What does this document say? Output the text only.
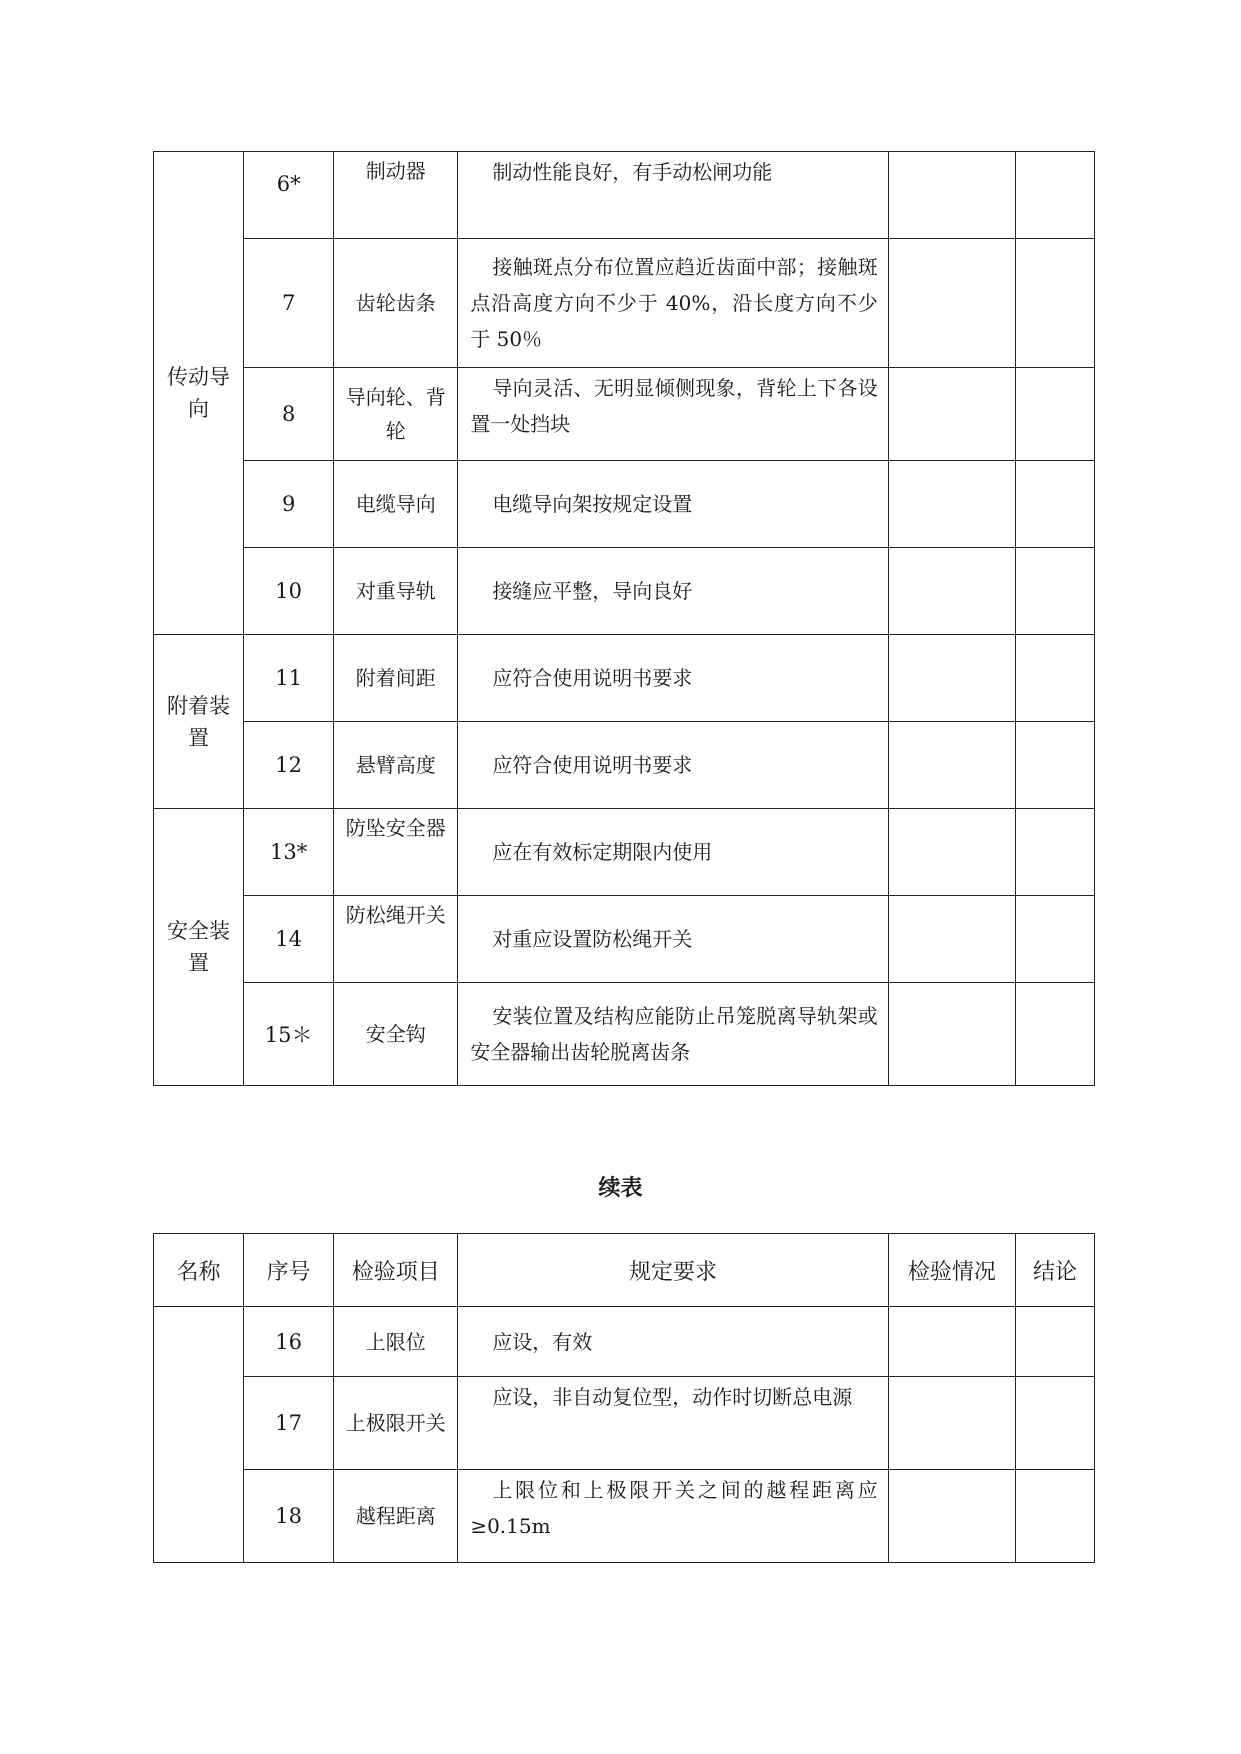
传动导向	6*	制动器	制动性能良好，有手动松闸功能		

	7	齿轮齿条	接触斑点分布位置应趋近齿面中部；接触斑点沿高度方向不少于 40%，沿长度方向不少于 50％		

	8	导向轮、背轮	导向灵活、无明显倾侧现象，背轮上下各设置一处挡块		

	9	电缆导向	电缆导向架按规定设置		

	10	对重导轨	接缝应平整，导向良好		

附着装置	11	附着间距	应符合使用说明书要求		

	12	悬臂高度	应符合使用说明书要求		

安全装置	13*	防坠安全器	应在有效标定期限内使用		

	14	防松绳开关	对重应设置防松绳开关		

	15＊	安全钩	安装位置及结构应能防止吊笼脱离导轨架或安全器输出齿轮脱离齿条		

续表
名称	序号	检验项目	规定要求	检验情况	结论
	16	上限位	应设，有效		

	17	上极限开关	应设，非自动复位型，动作时切断总电源		

	18	越程距离	上限位和上极限开关之间的越程距离应≥0.15m		
